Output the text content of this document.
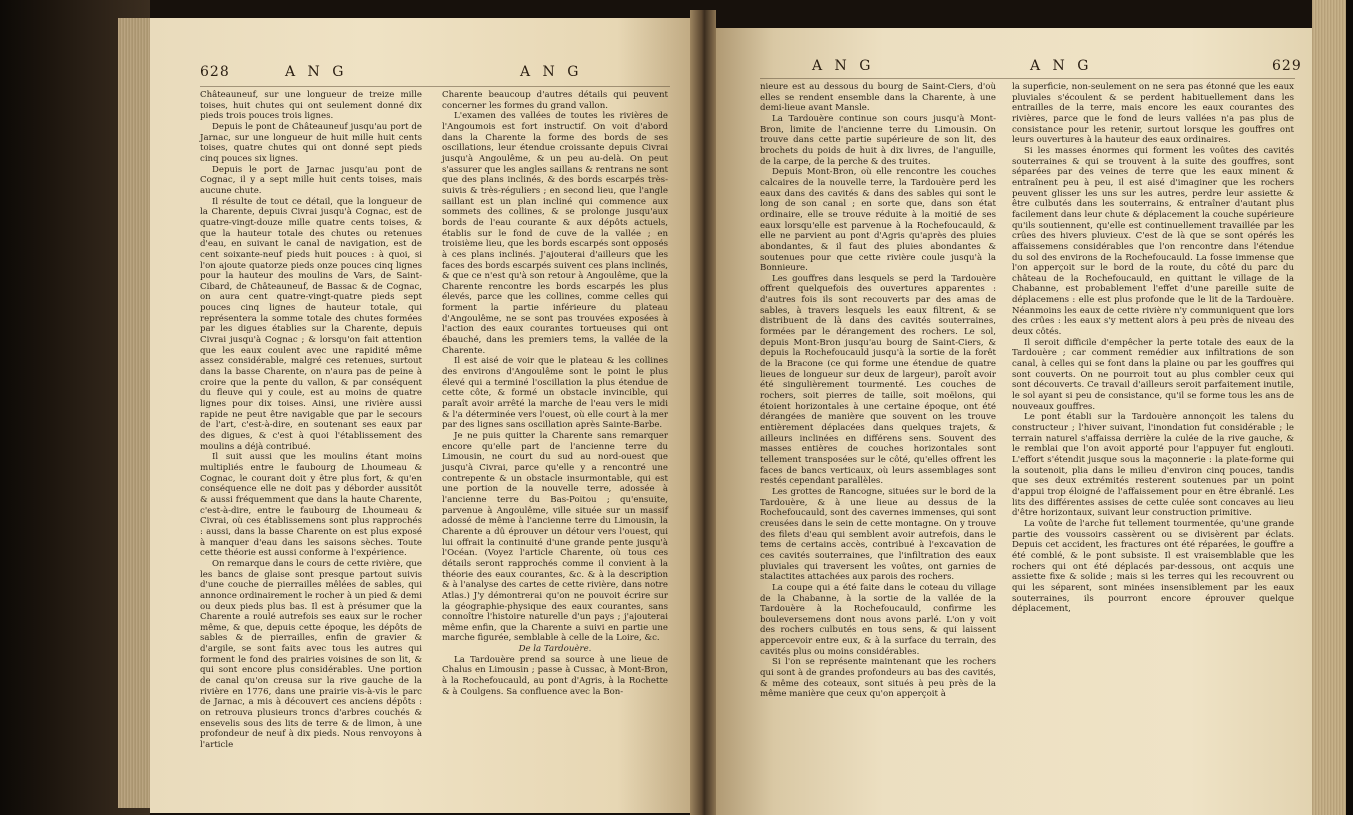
628	A N G	A N G

Châteauneuf, sur une longueur de treize mille toises, huit chutes qui ont seulement donné dix pieds trois pouces trois lignes.

Depuis le pont de Châteauneuf jusqu'au port de Jarnac, sur une longueur de huit mille huit cents toises, quatre chutes qui ont donné sept pieds cinq pouces six lignes.

Depuis le port de Jarnac jusqu'au pont de Cognac, il y a sept mille huit cents toises, mais aucune chute.

Il résulte de tout ce détail, que la longueur de la Charente, depuis Civrai jusqu'à Cognac, est de quatre-vingt-douze mille quatre cents toises, & que la hauteur totale des chutes ou retenues d'eau, en suivant le canal de navigation, est de cent soixante-neuf pieds huit pouces : à quoi, si l'on ajoute quatorze pieds onze pouces cinq lignes pour la hauteur des moulins de Vars, de Saint-Cibard, de Châteauneuf, de Bassac & de Cognac, on aura cent quatre-vingt-quatre pieds sept pouces cinq lignes de hauteur totale, qui représentera la somme totale des chutes formées par les digues établies sur la Charente, depuis Civrai jusqu'à Cognac ; & lorsqu'on fait attention que les eaux coulent avec une rapidité même assez considérable, malgré ces retenues, surtout dans la basse Charente, on n'aura pas de peine à croire que la pente du vallon, & par conséquent du fleuve qui y coule, est au moins de quatre lignes pour dix toises. Ainsi, une rivière aussi rapide ne peut être navigable que par le secours de l'art, c'est-à-dire, en soutenant ses eaux par des digues, & c'est à quoi l'établissement des moulins a déjà contribué.

Il suit aussi que les moulins étant moins multipliés entre le faubourg de Lhoumeau & Cognac, le courant doit y être plus fort, & qu'en conséquence elle ne doit pas y déborder aussitôt & aussi fréquemment que dans la haute Charente, c'est-à-dire, entre le faubourg de Lhoumeau & Civrai, où ces établissemens sont plus rapprochés : aussi, dans la basse Charente on est plus exposé à manquer d'eau dans les saisons sèches. Toute cette théorie est aussi conforme à l'expérience.

On remarque dans le cours de cette rivière, que les bancs de glaise sont presque partout suivis d'une couche de pierrailles mêlées de sables, qui annonce ordinairement le rocher à un pied & demi ou deux pieds plus bas. Il est à présumer que la Charente a roulé autrefois ses eaux sur le rocher même, & que, depuis cette époque, les dépôts de sables & de pierrailles, enfin de gravier & d'argile, se sont faits avec tous les autres qui forment le fond des prairies voisines de son lit, & qui sont encore plus considérables. Une portion de canal qu'on creusa sur la rive gauche de la rivière en 1776, dans une prairie vis-à-vis le parc de Jarnac, a mis à découvert ces anciens dépôts : on retrouva plusieurs troncs d'arbres couchés & ensevelis sous des lits de terre & de limon, à une profondeur de neuf à dix pieds. Nous renvoyons à l'article

Charente beaucoup d'autres détails qui peuvent concerner les formes du grand vallon.

L'examen des vallées de toutes les rivières de l'Angoumois est fort instructif. On voit d'abord dans la Charente la forme des bords de ses oscillations, leur étendue croissante depuis Civrai jusqu'à Angoulême, & un peu au-delà. On peut s'assurer que les angles saillans & rentrans ne sont que des plans inclinés, & des bords escarpés très-suivis & très-réguliers ; en second lieu, que l'angle saillant est un plan incliné qui commence aux sommets des collines, & se prolonge jusqu'aux bords de l'eau courante & aux dépôts actuels, établis sur le fond de cuve de la vallée ; en troisième lieu, que les bords escarpés sont opposés à ces plans inclinés. J'ajouterai d'ailleurs que les faces des bords escarpés suivent ces plans inclinés, & que ce n'est qu'à son retour à Angoulême, que la Charente rencontre les bords escarpés les plus élevés, parce que les collines, comme celles qui forment la partie inférieure du plateau d'Angoulême, ne se sont pas trouvées exposées à l'action des eaux courantes tortueuses qui ont ébauché, dans les premiers tems, la vallée de la Charente.

Il est aisé de voir que le plateau & les collines des environs d'Angoulême sont le point le plus élevé qui a terminé l'oscillation la plus étendue de cette côte, & formé un obstacle invincible, qui paraît avoir arrêté la marche de l'eau vers le midi & l'a déterminée vers l'ouest, où elle court à la mer par des lignes sans oscillation après Sainte-Barbe.

Je ne puis quitter la Charente sans remarquer encore qu'elle part de l'ancienne terre du Limousin, ne court du sud au nord-ouest que jusqu'à Civrai, parce qu'elle y a rencontré une contrepente & un obstacle insurmontable, qui est une portion de la nouvelle terre, adossée à l'ancienne terre du Bas-Poitou ; qu'ensuite, parvenue à Angoulême, ville située sur un massif adossé de même à l'ancienne terre du Limousin, la Charente a dû éprouver un détour vers l'ouest, qui lui offrait la continuité d'une grande pente jusqu'à l'Océan. (Voyez l'article Charente, où tous ces détails seront rapprochés comme il convient à la théorie des eaux courantes, &c. & à la description & à l'analyse des cartes de cette rivière, dans notre Atlas.) J'y démontrerai qu'on ne pouvoit écrire sur la géographie-physique des eaux courantes, sans connoître l'histoire naturelle d'un pays ; j'ajouterai même enfin, que la Charente a suivi en partie une marche figurée, semblable à celle de la Loire, &c.

De la Tardouère.

La Tardouère prend sa source à une lieue de Chalus en Limousin ; passe à Cussac, à Mont-Bron, à la Rochefoucauld, au pont d'Agris, à la Rochette & à Coulgens. Sa confluence avec la Bon-

A N G	A N G	629

nieure est au dessous du bourg de Saint-Ciers, d'où elles se rendent ensemble dans la Charente, à une demi-lieue avant Mansle.

La Tardouère continue son cours jusqu'à Mont-Bron, limite de l'ancienne terre du Limousin. On trouve dans cette partie supérieure de son lit, des brochets du poids de huit à dix livres, de l'anguille, de la carpe, de la perche & des truites.

Depuis Mont-Bron, où elle rencontre les couches calcaires de la nouvelle terre, la Tardouère perd les eaux dans des cavités & dans des sables qui sont le long de son canal ; en sorte que, dans son état ordinaire, elle se trouve réduite à la moitié de ses eaux lorsqu'elle est parvenue à la Rochefoucauld, & elle ne parvient au pont d'Agris qu'après des pluies abondantes, & il faut des pluies abondantes & soutenues pour que cette rivière coule jusqu'à la Bonnieure.

Les gouffres dans lesquels se perd la Tardouère offrent quelquefois des ouvertures apparentes : d'autres fois ils sont recouverts par des amas de sables, à travers lesquels les eaux filtrent, & se distribuent de là dans des cavités souterraines, formées par le dérangement des rochers. Le sol, depuis Mont-Bron jusqu'au bourg de Saint-Ciers, & depuis la Rochefoucauld jusqu'à la sortie de la forêt de la Bracone (ce qui forme une étendue de quatre lieues de longueur sur deux de largeur), paroît avoir été singulièrement tourmenté. Les couches de rochers, soit pierres de taille, soit moëlons, qui étoient horizontales à une certaine époque, ont été dérangées de manière que souvent on les trouve entièrement déplacées dans quelques trajets, & ailleurs inclinées en différens sens. Souvent des masses entières de couches horizontales sont tellement transposées sur le côté, qu'elles offrent les faces de bancs verticaux, où leurs assemblages sont restés cependant parallèles.

Les grottes de Rancogne, situées sur le bord de la Tardouère, & à une lieue au dessus de la Rochefoucauld, sont des cavernes immenses, qui sont creusées dans le sein de cette montagne. On y trouve des filets d'eau qui semblent avoir autrefois, dans le tems de certains accès, contribué à l'excavation de ces cavités souterraines, que l'infiltration des eaux pluviales qui traversent les voûtes, ont garnies de stalactites attachées aux parois des rochers.

La coupe qui a été faite dans le coteau du village de la Chabanne, à la sortie de la vallée de la Tardouère à la Rochefoucauld, confirme les bouleversemens dont nous avons parlé. L'on y voit des rochers culbutés en tous sens, & qui laissent appercevoir entre eux, & à la surface du terrain, des cavités plus ou moins considérables.

Si l'on se représente maintenant que les rochers qui sont à de grandes profondeurs au bas des cavités, & même des coteaux, sont situés à peu près de la même manière que ceux qu'on apperçoit à

la superficie, non-seulement on ne sera pas étonné que les eaux pluviales s'écoulent & se perdent habituellement dans les entrailles de la terre, mais encore les eaux courantes des rivières, parce que le fond de leurs vallées n'a pas plus de consistance pour les retenir, surtout lorsque les gouffres ont leurs ouvertures à la hauteur des eaux ordinaires.

Si les masses énormes qui forment les voûtes des cavités souterraines & qui se trouvent à la suite des gouffres, sont séparées par des veines de terre que les eaux minent & entraînent peu à peu, il est aisé d'imaginer que les rochers peuvent glisser les uns sur les autres, perdre leur assiette & être culbutés dans les souterrains, & entraîner d'autant plus facilement dans leur chute & déplacement la couche supérieure qu'ils soutiennent, qu'elle est continuellement travaillée par les crûes des hivers pluvieux. C'est de là que se sont opérés les affaissemens considérables que l'on rencontre dans l'étendue du sol des environs de la Rochefoucauld. La fosse immense que l'on apperçoit sur le bord de la route, du côté du parc du château de la Rochefoucauld, en quittant le village de la Chabanne, est probablement l'effet d'une pareille suite de déplacemens : elle est plus profonde que le lit de la Tardouère. Néanmoins les eaux de cette rivière n'y communiquent que lors des crûes : les eaux s'y mettent alors à peu près de niveau des deux côtés.

Il seroit difficile d'empêcher la perte totale des eaux de la Tardouère ; car comment remédier aux infiltrations de son canal, à celles qui se font dans la plaine ou par les gouffres qui sont couverts. On ne pourroit tout au plus combler ceux qui sont découverts. Ce travail d'ailleurs seroit parfaitement inutile, le sol ayant si peu de consistance, qu'il se forme tous les ans de nouveaux gouffres.

Le pont établi sur la Tardouère annonçoit les talens du constructeur ; l'hiver suivant, l'inondation fut considérable ; le terrain naturel s'affaissa derrière la culée de la rive gauche, & le remblai que l'on avoit apporté pour l'appuyer fut englouti. L'effort s'étendit jusque sous la maçonnerie : la plate-forme qui la soutenoit, plia dans le milieu d'environ cinq pouces, tandis que ses deux extrémités resterent soutenues par un point d'appui trop éloigné de l'affaissement pour en être ébranlé. Les lits des différentes assises de cette culée sont concaves au lieu d'être horizontaux, suivant leur construction primitive.

La voûte de l'arche fut tellement tourmentée, qu'une grande partie des voussoirs cassèrent ou se divisèrent par éclats. Depuis cet accident, les fractures ont été réparées, le gouffre a été comblé, & le pont subsiste. Il est vraisemblable que les rochers qui ont été déplacés par-dessous, ont acquis une assiette fixe & solide ; mais si les terres qui les recouvrent ou qui les séparent, sont minées insensiblement par les eaux souterraines, ils pourront encore éprouver quelque déplacement,
